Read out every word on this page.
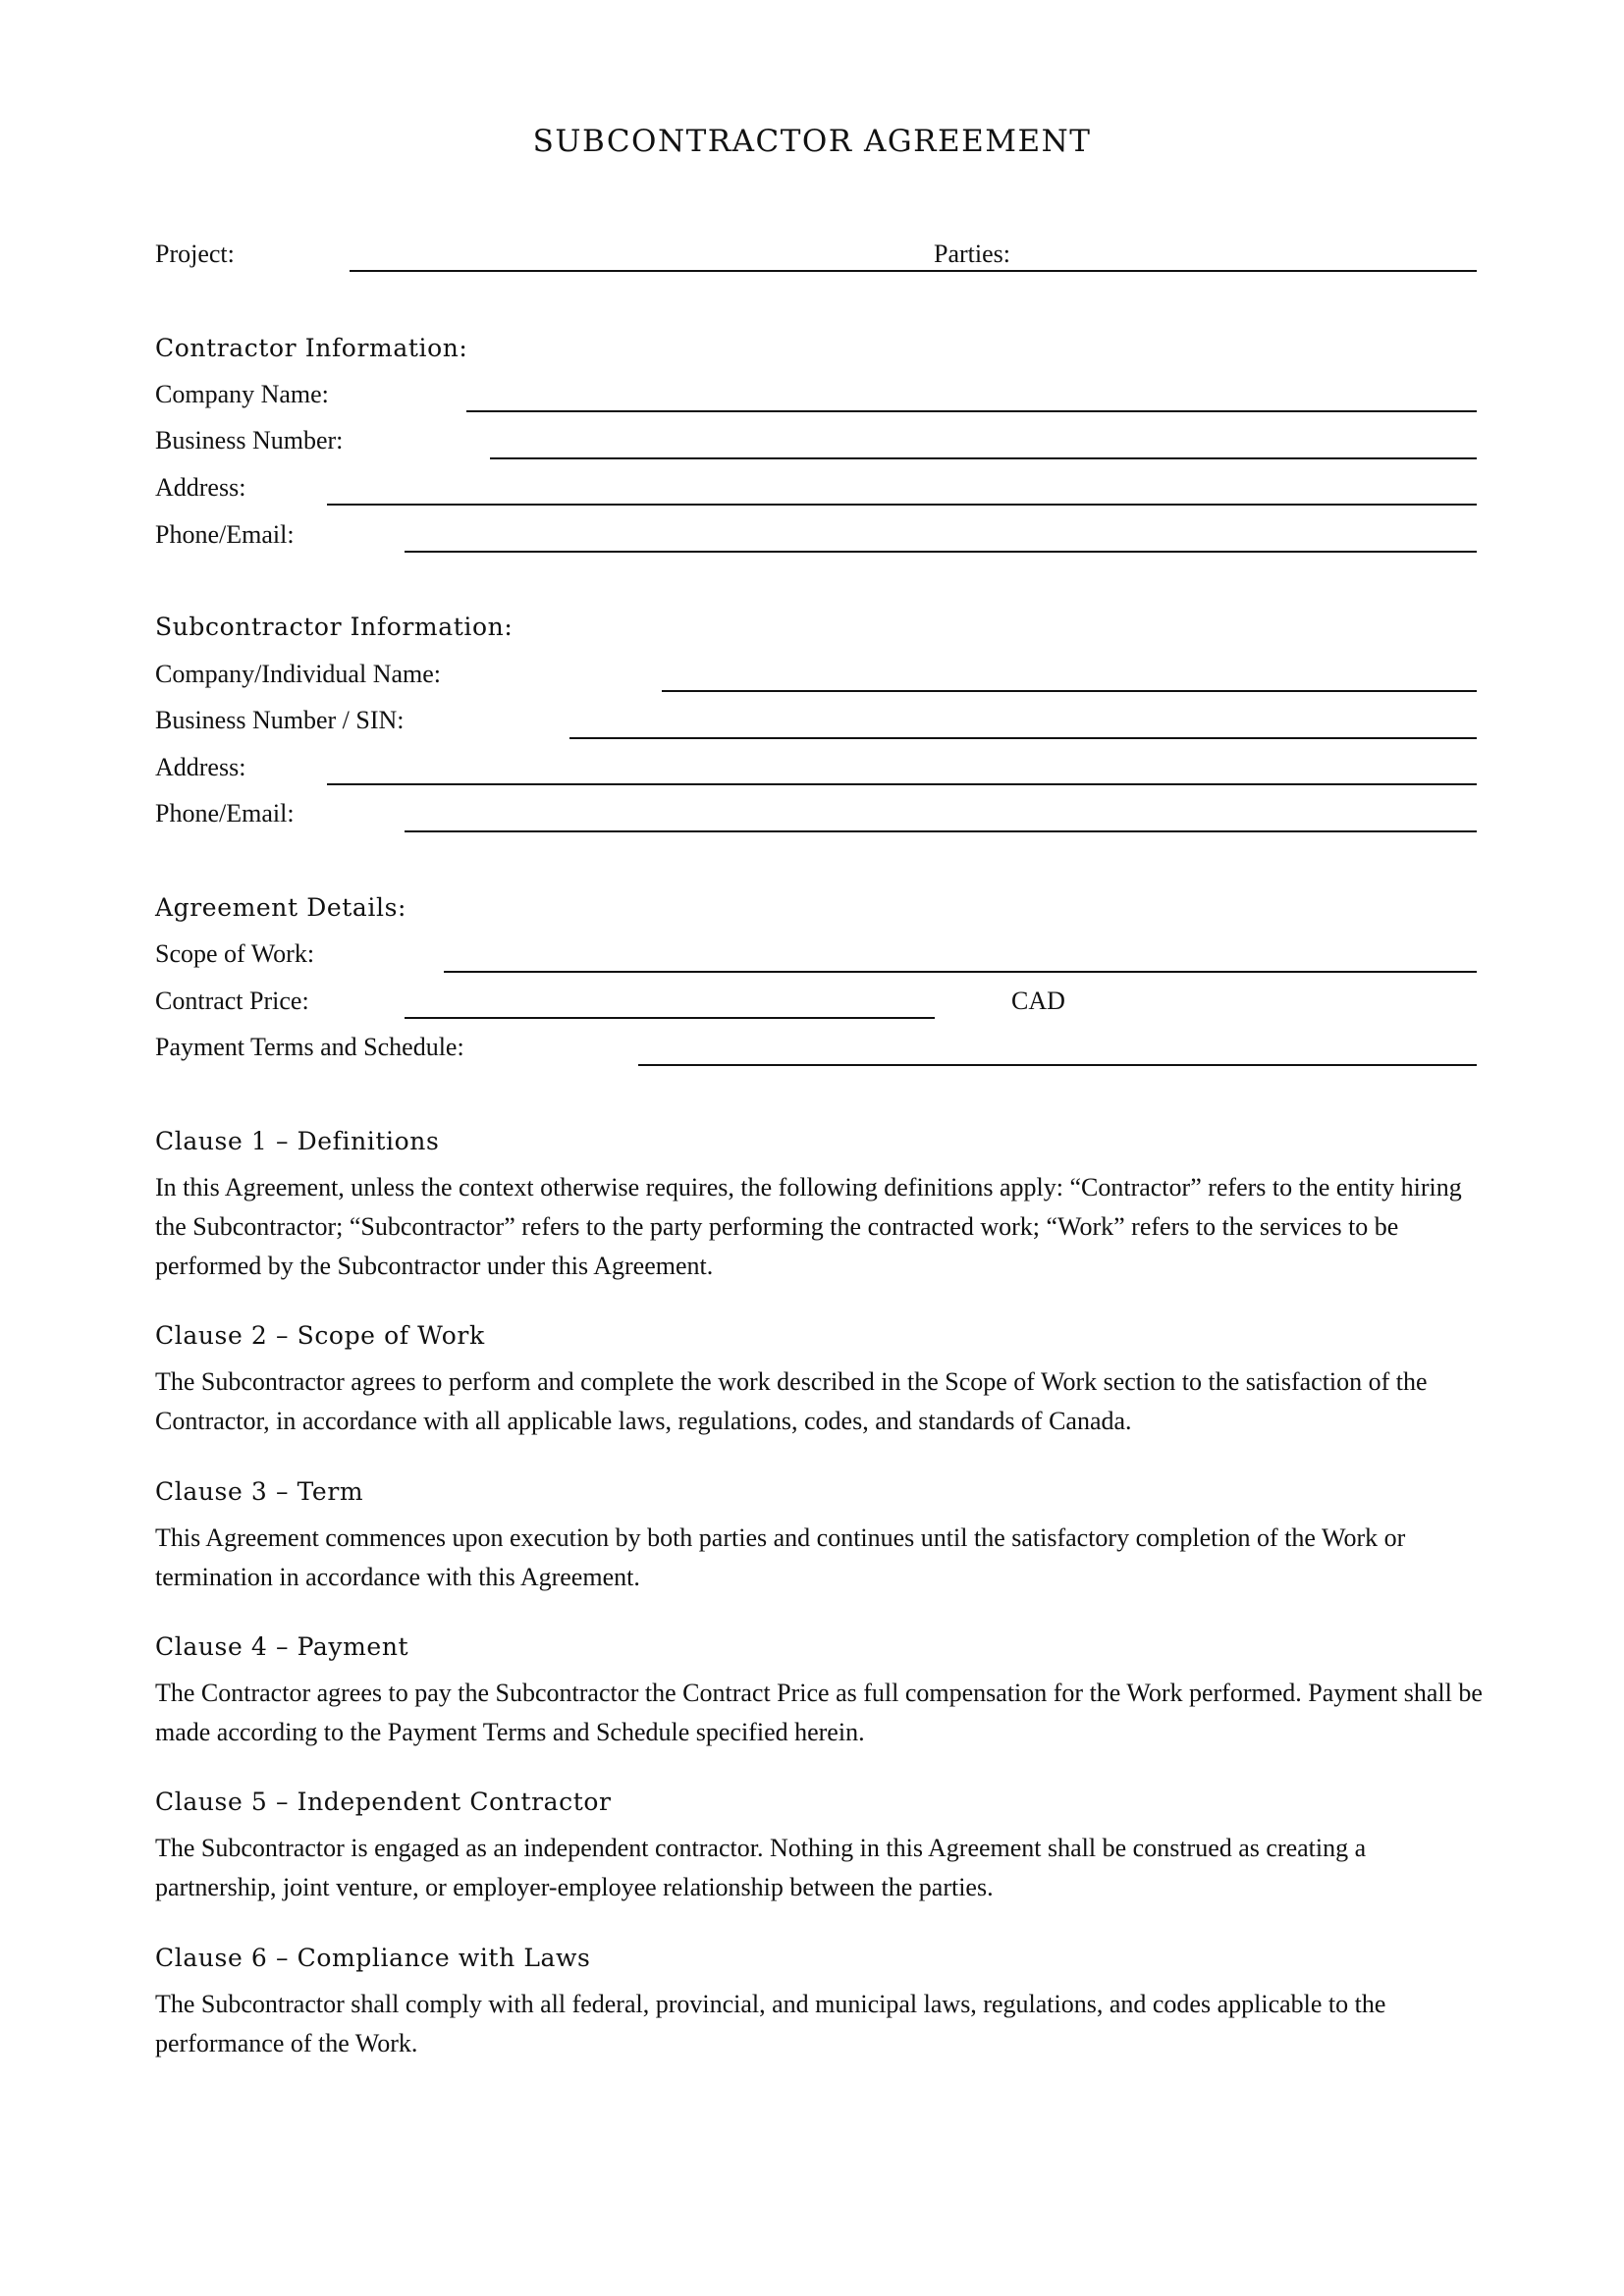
SUBCONTRACTOR AGREEMENT
Project:	Parties:
Contractor Information:
Company Name:
Business Number:
Address:
Phone/Email:
Subcontractor Information:
Company/Individual Name:
Business Number / SIN:
Address:
Phone/Email:
Agreement Details:
Scope of Work:
Contract Price:	CAD
Payment Terms and Schedule:
Clause 1 – Definitions

In this Agreement, unless the context otherwise requires, the following definitions apply: “Contractor” refers to the entity hiring the Subcontractor; “Subcontractor” refers to the party performing the contracted work; “Work” refers to the services to be performed by the Subcontractor under this Agreement.

Clause 2 – Scope of Work

The Subcontractor agrees to perform and complete the work described in the Scope of Work section to the satisfaction of the Contractor, in accordance with all applicable laws, regulations, codes, and standards of Canada.

Clause 3 – Term

This Agreement commences upon execution by both parties and continues until the satisfactory completion of the Work or termination in accordance with this Agreement.

Clause 4 – Payment

The Contractor agrees to pay the Subcontractor the Contract Price as full compensation for the Work performed. Payment shall be made according to the Payment Terms and Schedule specified herein.

Clause 5 – Independent Contractor

The Subcontractor is engaged as an independent contractor. Nothing in this Agreement shall be construed as creating a partnership, joint venture, or employer-employee relationship between the parties.

Clause 6 – Compliance with Laws

The Subcontractor shall comply with all federal, provincial, and municipal laws, regulations, and codes applicable to the performance of the Work.
